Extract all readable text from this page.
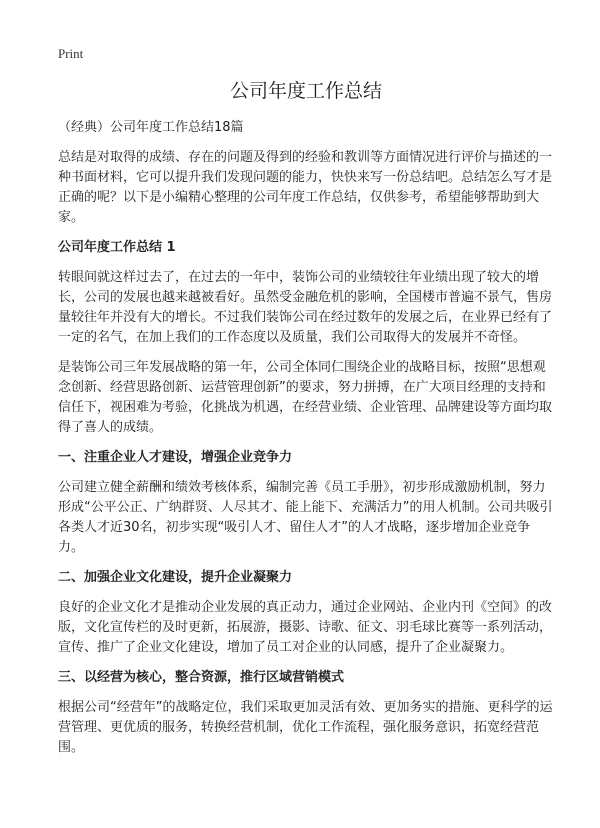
Print
公司年度工作总结

（经典）公司年度工作总结18篇

总结是对取得的成绩、存在的问题及得到的经验和教训等方面情况进行评价与描述的一种书面材料，它可以提升我们发现问题的能力，快快来写一份总结吧。总结怎么写才是正确的呢？以下是小编精心整理的公司年度工作总结，仅供参考，希望能够帮助到大家。

公司年度工作总结 1

转眼间就这样过去了，在过去的一年中，装饰公司的业绩较往年业绩出现了较大的增长，公司的发展也越来越被看好。虽然受金融危机的影响，全国楼市普遍不景气，售房量较往年并没有大的增长。不过我们装饰公司在经过数年的发展之后，在业界已经有了一定的名气，在加上我们的工作态度以及质量，我们公司取得大的发展并不奇怪。

是装饰公司三年发展战略的第一年，公司全体同仁围绕企业的战略目标，按照“思想观念创新、经营思路创新、运营管理创新”的要求，努力拼搏，在广大项目经理的支持和信任下，视困难为考验，化挑战为机遇，在经营业绩、企业管理、品牌建设等方面均取得了喜人的成绩。

一、注重企业人才建设，增强企业竞争力

公司建立健全薪酬和绩效考核体系，编制完善《员工手册》，初步形成激励机制，努力形成“公平公正、广纳群贤、人尽其才、能上能下、充满活力”的用人机制。公司共吸引各类人才近30名，初步实现“吸引人才、留住人才”的人才战略，逐步增加企业竞争力。

二、加强企业文化建设，提升企业凝聚力

良好的企业文化才是推动企业发展的真正动力，通过企业网站、企业内刊《空间》的改版，文化宣传栏的及时更新，拓展游，摄影、诗歌、征文、羽毛球比赛等一系列活动，宣传、推广了企业文化建设，增加了员工对企业的认同感，提升了企业凝聚力。

三、以经营为核心，整合资源，推行区域营销模式

根据公司“经营年”的战略定位，我们采取更加灵活有效、更加务实的措施、更科学的运营管理、更优质的服务，转换经营机制，优化工作流程，强化服务意识，拓宽经营范围。
